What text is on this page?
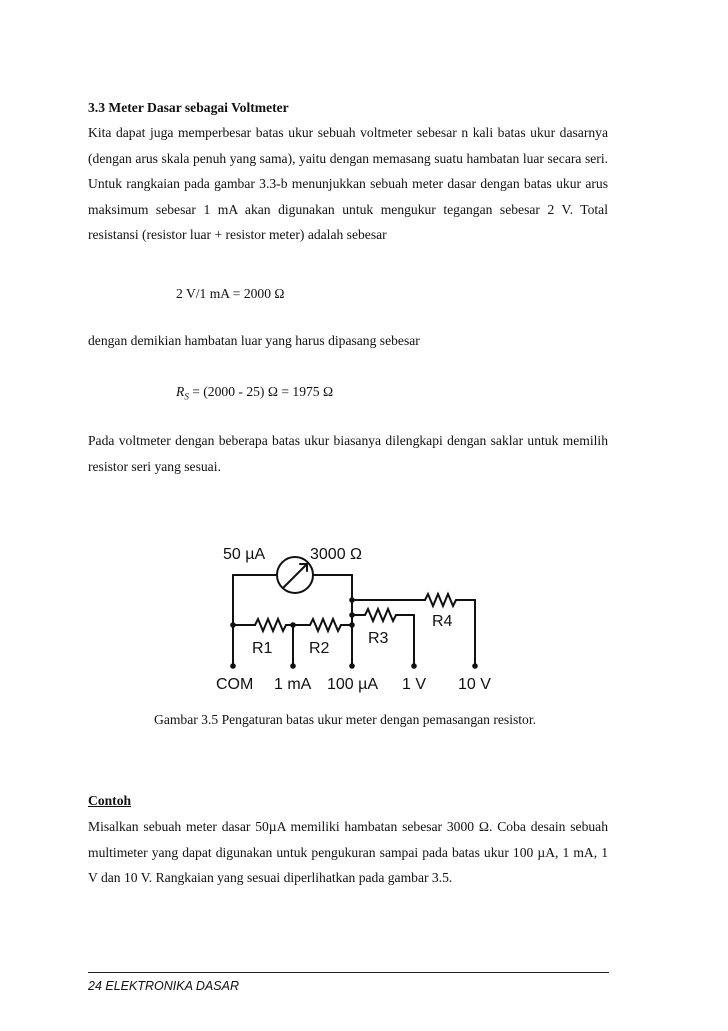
3.3 Meter Dasar sebagai Voltmeter

Kita dapat juga memperbesar batas ukur sebuah voltmeter sebesar n kali batas ukur dasarnya (dengan arus skala penuh yang sama), yaitu dengan memasang suatu hambatan luar secara seri. Untuk rangkaian pada gambar 3.3-b menunjukkan sebuah meter dasar dengan batas ukur arus maksimum sebesar 1 mA akan digunakan untuk mengukur tegangan sebesar 2 V. Total resistansi (resistor luar + resistor meter) adalah sebesar

2 V/1 mA = 2000 Ω

dengan demikian hambatan luar yang harus dipasang sebesar

$R_S = (2000 - 25) \Omega = 1975$ Ω

Pada voltmeter dengan beberapa batas ukur biasanya dilengkapi dengan saklar untuk memilih resistor seri yang sesuai.

50 µA	3000 Ω
R1 R2
R3
R4
COM 1 mA 100 µA 1 V 10 V
Gambar 3.5 Pengaturan batas ukur meter dengan pemasangan resistor.
Contoh

Misalkan sebuah meter dasar 50µA memiliki hambatan sebesar 3000 Ω. Coba desain sebuah multimeter yang dapat digunakan untuk pengukuran sampai pada batas ukur 100 µA, 1 mA, 1 V dan 10 V. Rangkaian yang sesuai diperlihatkan pada gambar 3.5.

24 ELEKTRONIKA DASAR
